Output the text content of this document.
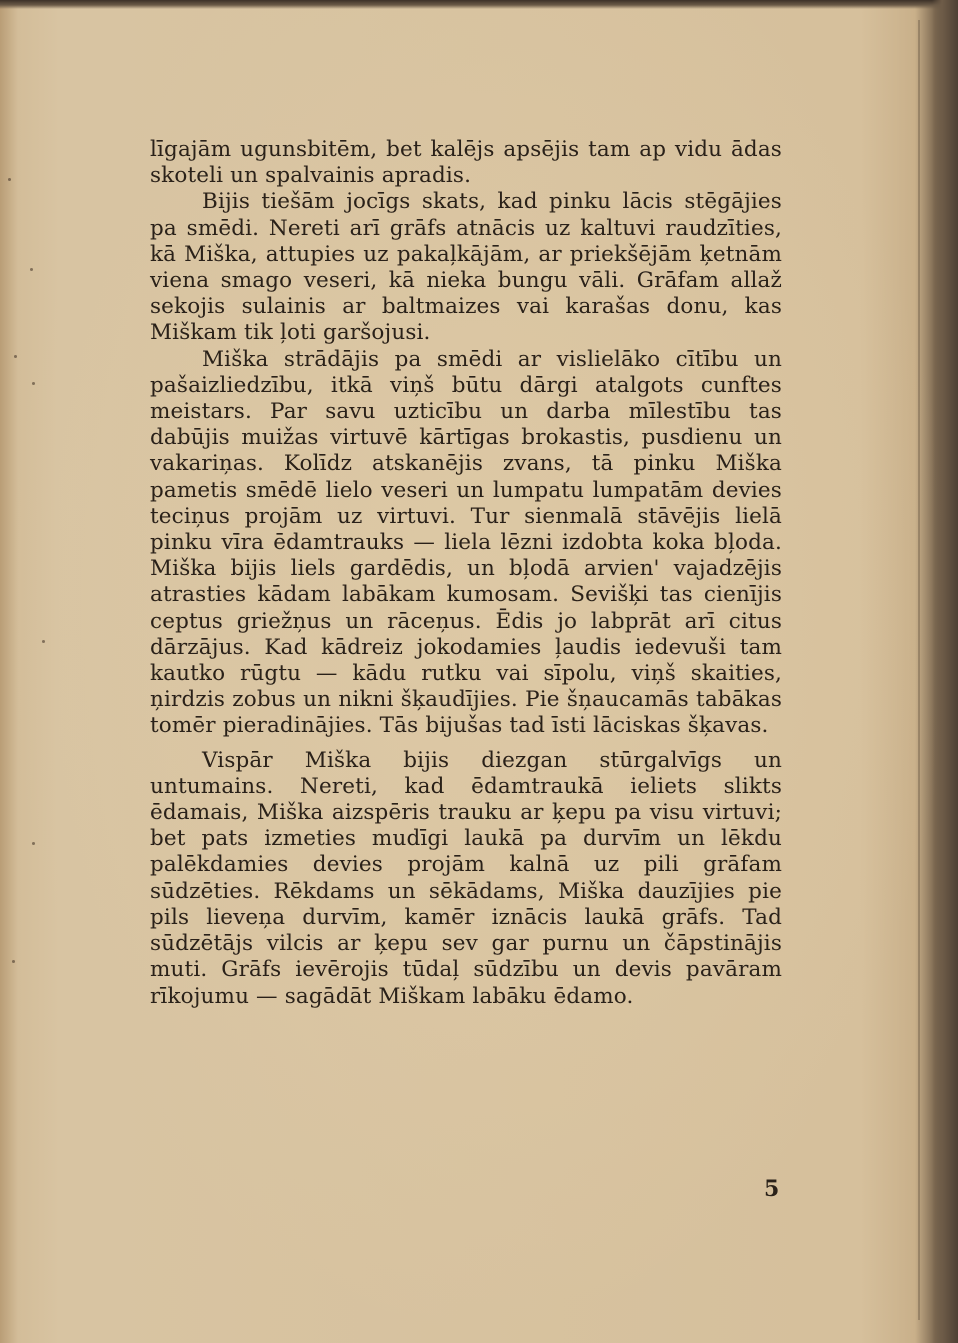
līgajām ugunsbitēm, bet kalējs apsējis tam ap vidu ādas skoteli un spalvainis apradis.

Bijis tiešām jocīgs skats, kad pinku lācis stēgājies pa smēdi. Nereti arī grāfs atnācis uz kaltuvi raudzīties, kā Miška, attupies uz pakaļkājām, ar priekšējām ķetnām viena smago veseri, kā nieka bungu vāli. Grāfam allaž sekojis sulainis ar baltmaizes vai karašas donu, kas Miškam tik ļoti garšojusi.

Miška strādājis pa smēdi ar vislielāko cītību un pašaizliedzību, itkā viņš būtu dārgi atalgots cunftes meistars. Par savu uzticību un darba mīlestību tas dabūjis muižas virtuvē kārtīgas brokastis, pusdienu un vakariņas. Kolīdz atskanējis zvans, tā pinku Miška pametis smēdē lielo veseri un lumpatu lumpatām devies teciņus projām uz virtuvi. Tur sienmalā stāvējis lielā pinku vīra ēdamtrauks — liela lēzni izdobta koka bļoda. Miška bijis liels gardēdis, un bļodā arvien' vajadzējis atrasties kādam labākam kumosam. Sevišķi tas cienījis ceptus griežņus un rāceņus. Ēdis jo labprāt arī citus dārzājus. Kad kādreiz jokodamies ļaudis iedevuši tam kautko rūgtu — kādu rutku vai sīpolu, viņš skaities, ņirdzis zobus un nikni šķaudījies. Pie šņaucamās tabākas tomēr pieradinājies. Tās bijušas tad īsti lāciskas šķavas.

Vispār Miška bijis diezgan stūrgalvīgs un untumains. Nereti, kad ēdamtraukā ieliets slikts ēdamais, Miška aizspēris trauku ar ķepu pa visu virtuvi; bet pats izmeties mudīgi laukā pa durvīm un lēkdu palēkdamies devies projām kalnā uz pili grāfam sūdzēties. Rēkdams un sēkādams, Miška dauzījies pie pils lieveņa durvīm, kamēr iznācis laukā grāfs. Tad sūdzētājs vilcis ar ķepu sev gar purnu un čāpstinājis muti. Grāfs ievērojis tūdaļ sūdzību un devis pavāram rīkojumu — sagādāt Miškam labāku ēdamo.

5
